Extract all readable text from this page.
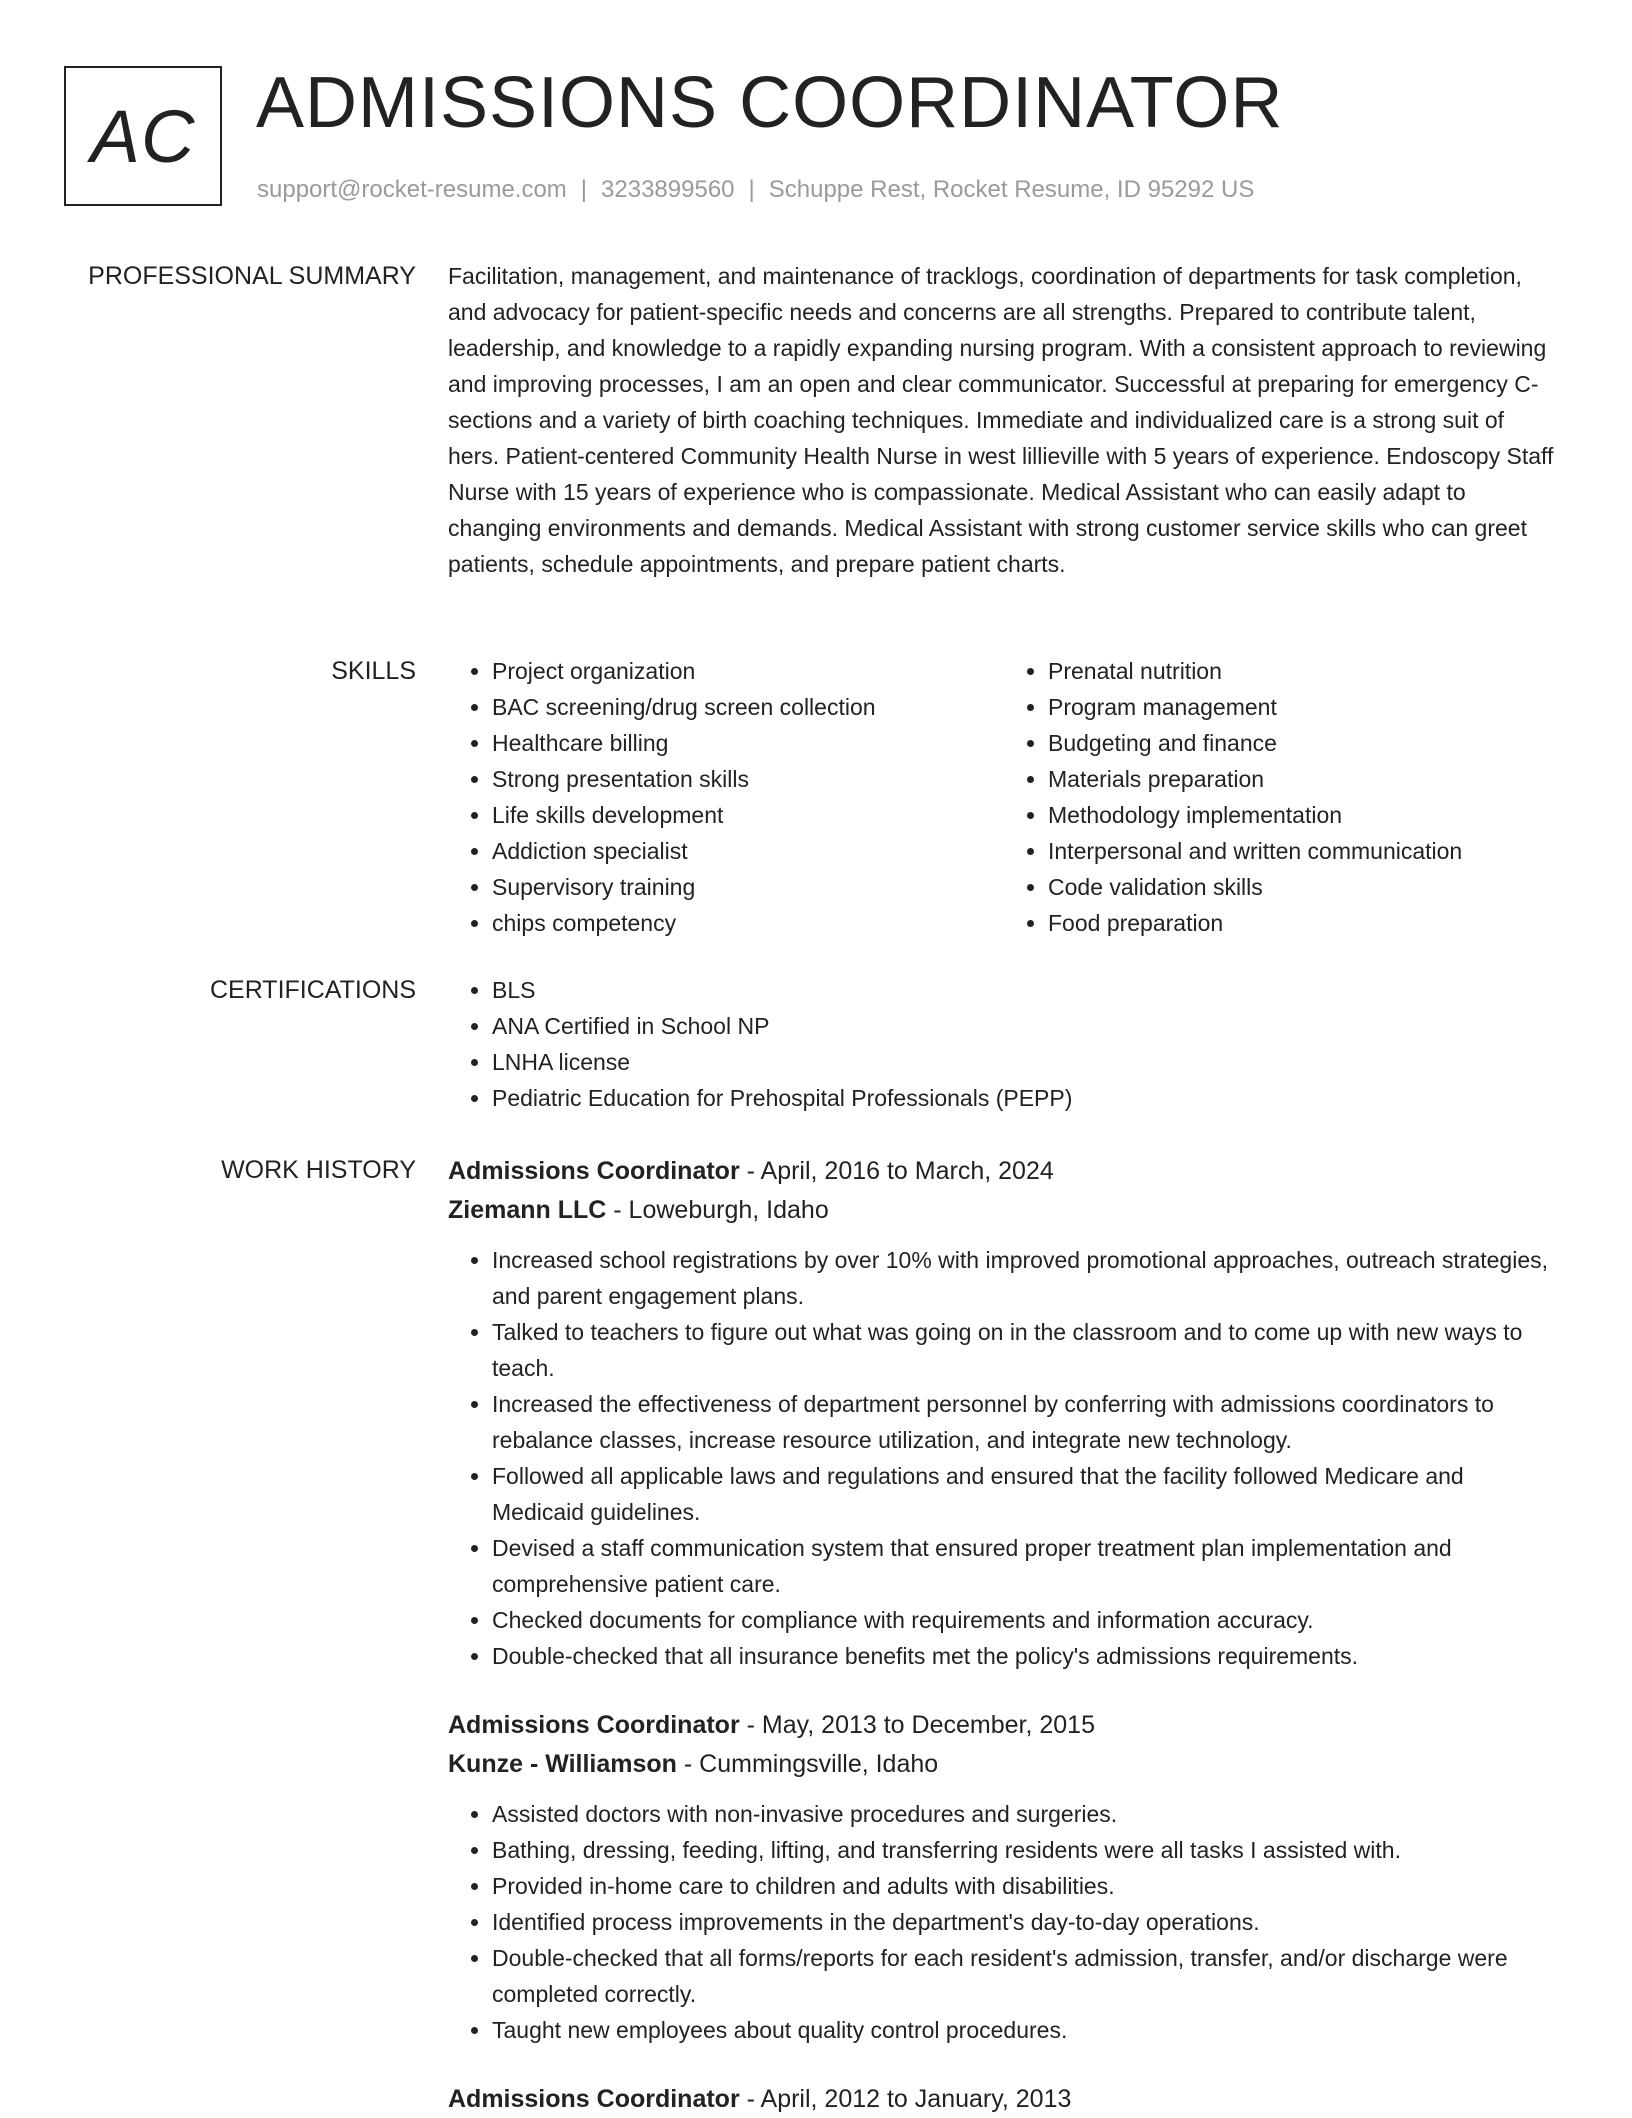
AC ADMISSIONS COORDINATOR
support@rocket-resume.com | 3233899560 | Schuppe Rest, Rocket Resume, ID 95292 US
PROFESSIONAL SUMMARY Facilitation, management, and maintenance of tracklogs, coordination of departments for task completion, and advocacy for patient-specific needs and concerns are all strengths. Prepared to contribute talent, leadership, and knowledge to a rapidly expanding nursing program. With a consistent approach to reviewing and improving processes, I am an open and clear communicator. Successful at preparing for emergency C-sections and a variety of birth coaching techniques. Immediate and individualized care is a strong suit of hers. Patient-centered Community Health Nurse in west lillieville with 5 years of experience. Endoscopy Staff Nurse with 15 years of experience who is compassionate. Medical Assistant who can easily adapt to changing environments and demands. Medical Assistant with strong customer service skills who can greet patients, schedule appointments, and prepare patient charts.

SKILLS	• Project organization
• BAC screening/drug screen collection
• Healthcare billing
• Strong presentation skills
• Life skills development
• Addiction specialist
• Supervisory training
• chips competency
• Prenatal nutrition
• Program management
• Budgeting and finance
• Materials preparation
• Methodology implementation
• Interpersonal and written communication
• Code validation skills
• Food preparation
CERTIFICATIONS	• BLS
• ANA Certified in School NP
• LNHA license
• Pediatric Education for Prehospital Professionals (PEPP)
WORK HISTORY Admissions Coordinator - April, 2016 to March, 2024
Ziemann LLC - Loweburgh, Idaho
• Increased school registrations by over 10% with improved promotional approaches, outreach strategies, and parent engagement plans.
• Talked to teachers to figure out what was going on in the classroom and to come up with new ways to teach.
• Increased the effectiveness of department personnel by conferring with admissions coordinators to rebalance classes, increase resource utilization, and integrate new technology.
• Followed all applicable laws and regulations and ensured that the facility followed Medicare and Medicaid guidelines.
• Devised a staff communication system that ensured proper treatment plan implementation and comprehensive patient care.
• Checked documents for compliance with requirements and information accuracy.
• Double-checked that all insurance benefits met the policy's admissions requirements.
Admissions Coordinator - May, 2013 to December, 2015
Kunze - Williamson - Cummingsville, Idaho
• Assisted doctors with non-invasive procedures and surgeries.
• Bathing, dressing, feeding, lifting, and transferring residents were all tasks I assisted with.
• Provided in-home care to children and adults with disabilities.
• Identified process improvements in the department's day-to-day operations.
• Double-checked that all forms/reports for each resident's admission, transfer, and/or discharge were completed correctly.
• Taught new employees about quality control procedures.
Admissions Coordinator - April, 2012 to January, 2013
